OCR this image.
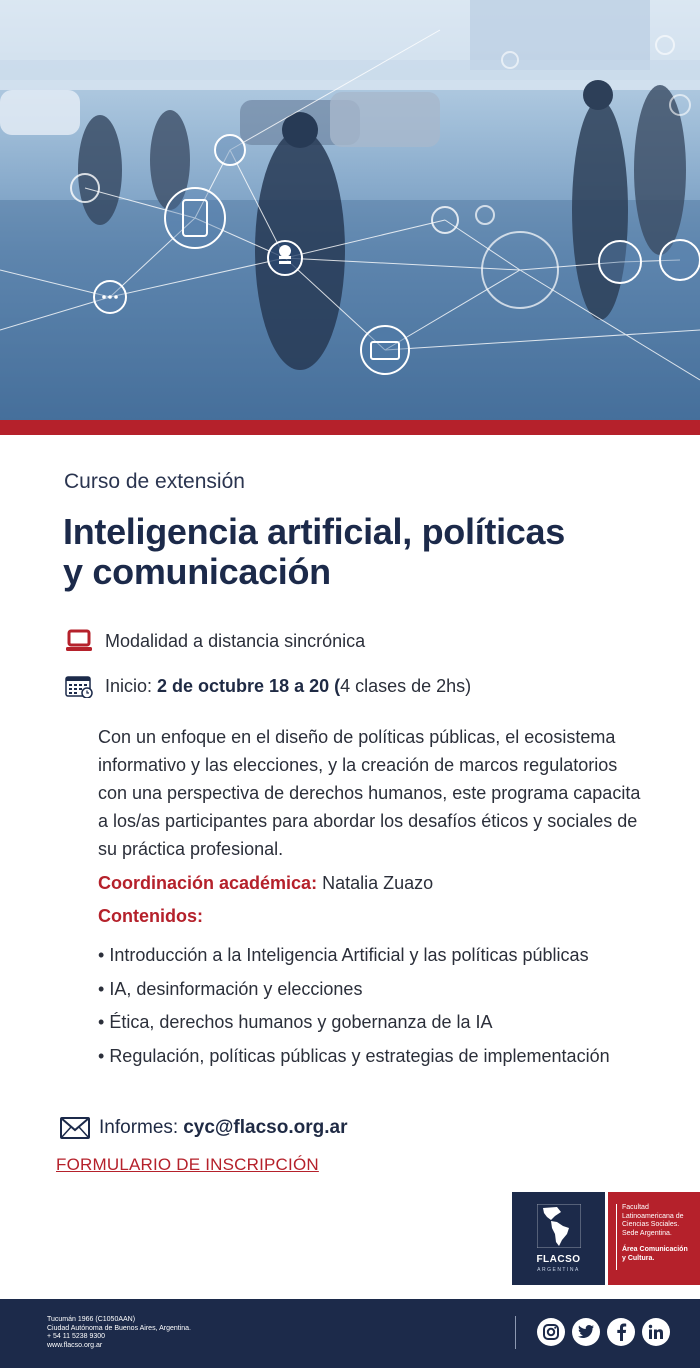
Curso de extensión
Inteligencia artificial, políticas
y comunicación
Modalidad a distancia sincrónica
Inicio: 2 de octubre 18 a 20 ( 4 clases de 2hs)

Con un enfoque en el diseño de políticas públicas, el ecosistema informativo y las elecciones, y la creación de marcos regulatorios con una perspectiva de derechos humanos, este programa capacita a los/as participantes para abordar los desafíos éticos y sociales de su práctica profesional.

Coordinación académica: Natalia Zuazo
Contenidos:
• Introducción a la Inteligencia Artificial y las políticas públicas
• IA, desinformación y elecciones
• Ética, derechos humanos y gobernanza de la IA
• Regulación, políticas públicas y estrategias de implementación
Informes: cyc@flacso.org.ar
FORMULARIO DE INSCRIPCIÓN
FLACSO
ARGENTINA
Facultad
Latinoamericana de
Ciencias Sociales.
Sede Argentina.
Área Comunicación
y Cultura.
Tucumán 1966 (C1050AAN)
Ciudad Autónoma de Buenos Aires, Argentina.
+ 54 11 5238 9300
www.flacso.org.ar
